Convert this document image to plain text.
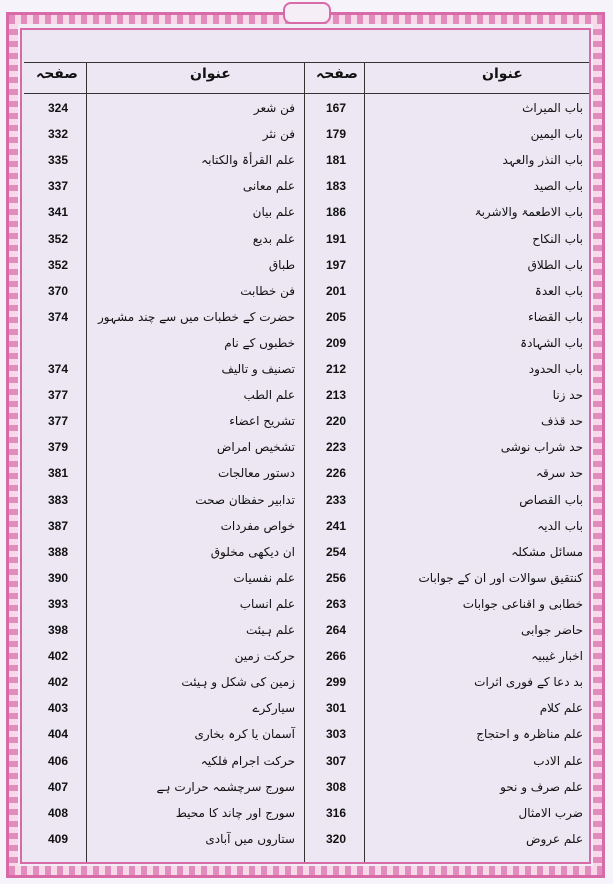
عنوان
صفحہ
عنوان
صفحہ
باب المیراث
167
باب الیمین
179
باب النذر والعہد
181
باب الصید
183
باب الاطعمۃ والاشربۃ
186
باب النکاح
191
باب الطلاق
197
باب العدۃ
201
باب القضاء
205
باب الشہادۃ
209
باب الحدود
212
حد زنا
213
حد قذف
220
حد شراب نوشی
223
حد سرقہ
226
باب القصاص
233
باب الدیہ
241
مسائل مشکلہ
254
کنتقیق سوالات اور ان کے جوابات
256
خطابی و اقناعی جوابات
263
حاضر جوابی
264
اخبار غیبیہ
266
بد دعا کے فوری اثرات
299
علم کلام
301
علم مناظرہ و احتجاج
303
علم الادب
307
علم صرف و نحو
308
ضرب الامثال
316
علم عروض
320
فن شعر
324
فن نثر
332
علم القرأۃ والکتابہ
335
علم معانی
337
علم بیان
341
علم بدیع
352
طباق
352
فن خطابت
370
حضرت کے خطبات میں سے چند مشہور
374
خطبوں کے نام
تصنیف و تالیف
374
علم الطب
377
تشریح اعضاء
377
تشخیص امراض
379
دستور معالجات
381
تدابیر حفظان صحت
383
خواص مفردات
387
ان دیکھی مخلوق
388
علم نفسیات
390
علم انساب
393
علم ہیئت
398
حرکت زمین
402
زمین کی شکل و ہیئت
402
سیارکرے
403
آسمان یا کرہ بخاری
404
حرکت اجرام فلکیہ
406
سورج سرچشمہ حرارت ہے
407
سورج اور چاند کا محیط
408
ستاروں میں آبادی
409
